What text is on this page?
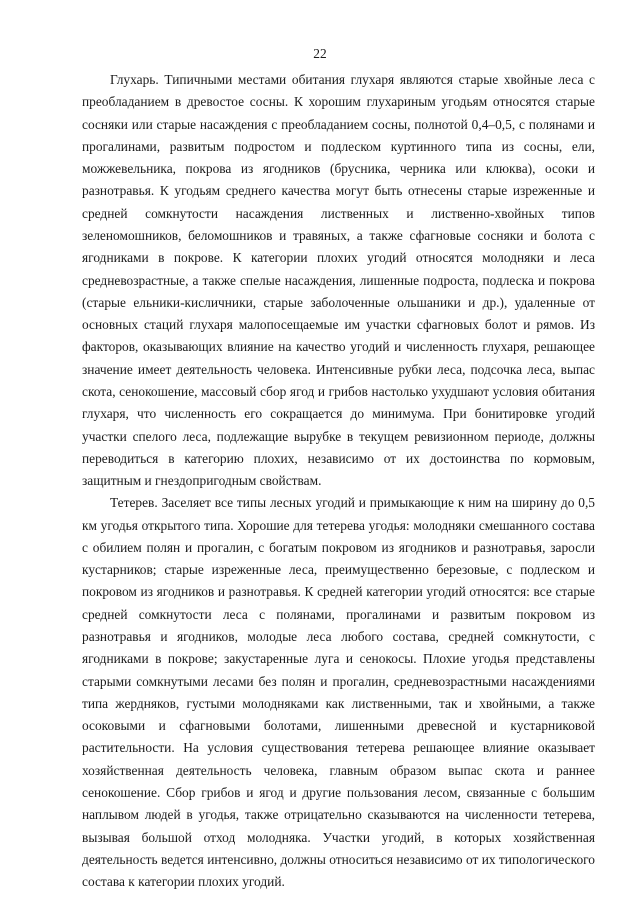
22

Глухарь. Типичными местами обитания глухаря являются старые хвойные леса с преобладанием в древостое сосны. К хорошим глухариным угодьям относятся старые сосняки или старые насаждения с преобладанием сосны, полнотой 0,4–0,5, с полянами и прогалинами, развитым подростом и подлеском куртинного типа из сосны, ели, можжевельника, покрова из ягодников (брусника, черника или клюква), осоки и разнотравья. К угодьям среднего качества могут быть отнесены старые изреженные и средней сомкнутости насаждения лиственных и лиственно-хвойных типов зеленомошников, беломошников и травяных, а также сфагновые сосняки и болота с ягодниками в покрове. К категории плохих угодий относятся молодняки и леса средневозрастные, а также спелые насаждения, лишенные подроста, подлеска и покрова (старые ельники-кисличники, старые заболоченные ольшаники и др.), удаленные от основных стаций глухаря малопосещаемые им участки сфагновых болот и рямов. Из факторов, оказывающих влияние на качество угодий и численность глухаря, решающее значение имеет деятельность человека. Интенсивные рубки леса, подсочка леса, выпас скота, сенокошение, массовый сбор ягод и грибов настолько ухудшают условия обитания глухаря, что численность его сокращается до минимума. При бонитировке угодий участки спелого леса, подлежащие вырубке в текущем ревизионном периоде, должны переводиться в категорию плохих, независимо от их достоинства по кормовым, защитным и гнездопригодным свойствам.

Тетерев. Заселяет все типы лесных угодий и примыкающие к ним на ширину до 0,5 км угодья открытого типа. Хорошие для тетерева угодья: молодняки смешанного состава с обилием полян и прогалин, с богатым покровом из ягодников и разнотравья, заросли кустарников; старые изреженные леса, преимущественно березовые, с подлеском и покровом из ягодников и разнотравья. К средней категории угодий относятся: все старые средней сомкнутости леса с полянами, прогалинами и развитым покровом из разнотравья и ягодников, молодые леса любого состава, средней сомкнутости, с ягодниками в покрове; закустаренные луга и сенокосы. Плохие угодья представлены старыми сомкнутыми лесами без полян и прогалин, средневозрастными насаждениями типа жердняков, густыми молодняками как лиственными, так и хвойными, а также осоковыми и сфагновыми болотами, лишенными древесной и кустарниковой растительности. На условия существования тетерева решающее влияние оказывает хозяйственная деятельность человека, главным образом выпас скота и раннее сенокошение. Сбор грибов и ягод и другие пользования лесом, связанные с большим наплывом людей в угодья, также отрицательно сказываются на численности тетерева, вызывая большой отход молодняка. Участки угодий, в которых хозяйственная деятельность ведется интенсивно, должны относиться независимо от их типологического состава к категории плохих угодий.
